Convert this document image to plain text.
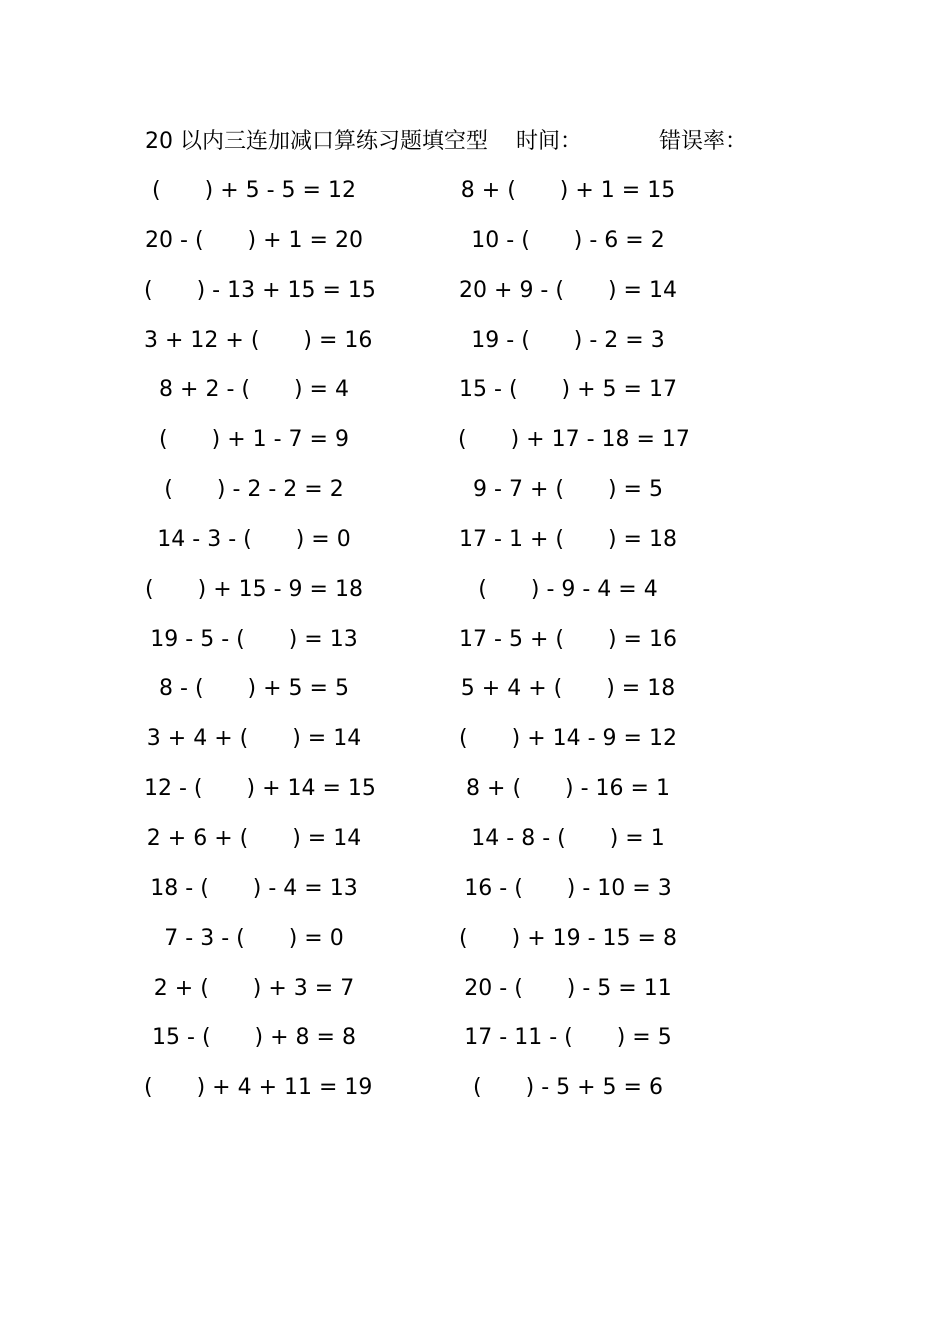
20 以内三连加减口算练习题填空型 时间：	错误率：
(　　) + 5 - 5 = 12
20 - (　　) + 1 = 20
(　　) - 13 + 15 = 15
3 + 12 + (　　) = 16
8 + 2 - (　　) = 4
(　　) + 1 - 7 = 9
(　　) - 2 - 2 = 2
14 - 3 - (　　) = 0
(　　) + 15 - 9 = 18
19 - 5 - (　　) = 13
8 - (　　) + 5 = 5
3 + 4 + (　　) = 14
12 - (　　) + 14 = 15
2 + 6 + (　　) = 14
18 - (　　) - 4 = 13
7 - 3 - (　　) = 0
2 + (　　) + 3 = 7
15 - (　　) + 8 = 8
(　　) + 4 + 11 = 19
8 + (　　) + 1 = 15
10 - (　　) - 6 = 2
20 + 9 - (　　) = 14
19 - (　　) - 2 = 3
15 - (　　) + 5 = 17
(　　) + 17 - 18 = 17
9 - 7 + (　　) = 5
17 - 1 + (　　) = 18
(　　) - 9 - 4 = 4
17 - 5 + (　　) = 16
5 + 4 + (　　) = 18
(　　) + 14 - 9 = 12
8 + (　　) - 16 = 1
14 - 8 - (　　) = 1
16 - (　　) - 10 = 3
(　　) + 19 - 15 = 8
20 - (　　) - 5 = 11
17 - 11 - (　　) = 5
(　　) - 5 + 5 = 6
